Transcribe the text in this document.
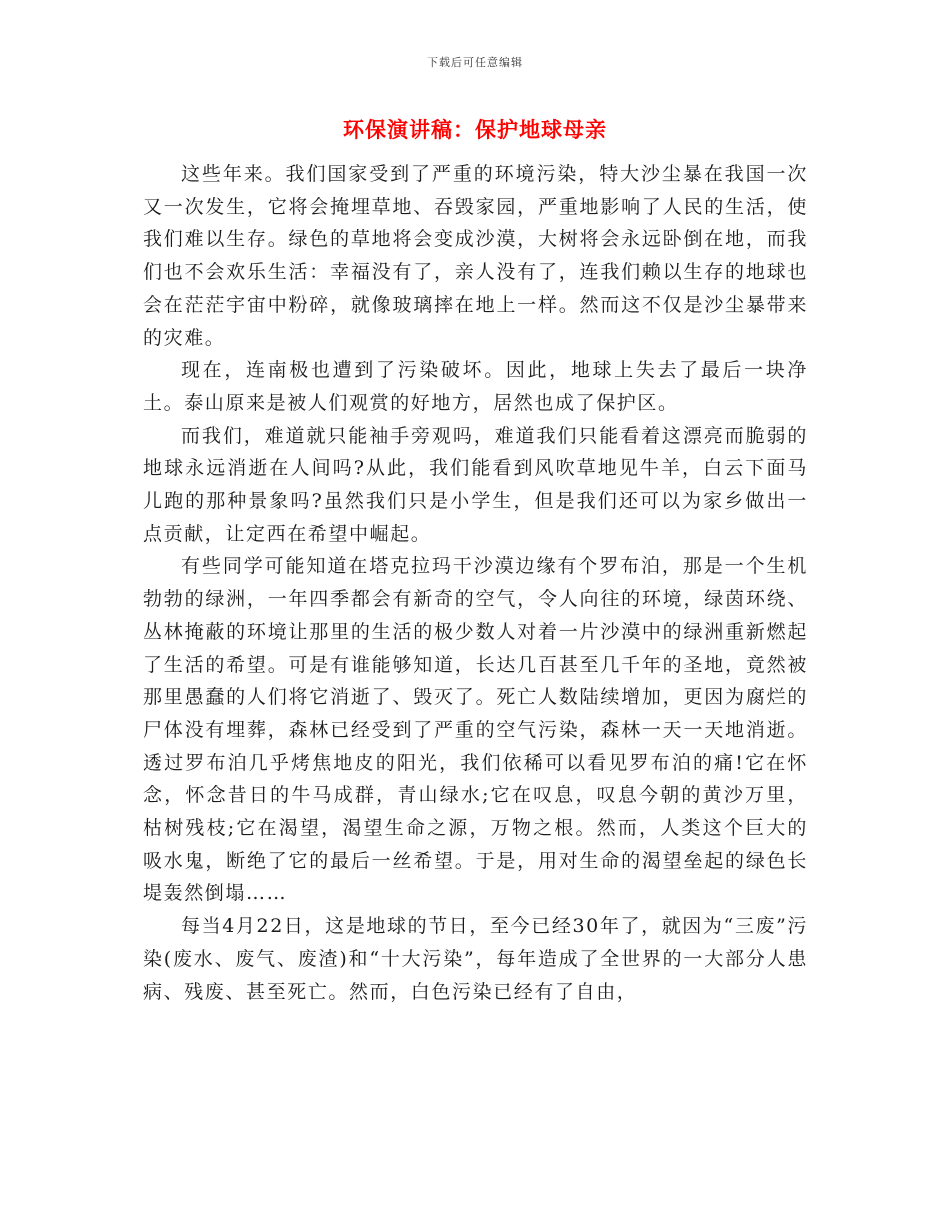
下载后可任意编辑
环保演讲稿：保护地球母亲

这些年来。我们国家受到了严重的环境污染，特大沙尘暴在我国一次又一次发生，它将会掩埋草地、吞毁家园，严重地影响了人民的生活，使我们难以生存。绿色的草地将会变成沙漠，大树将会永远卧倒在地，而我们也不会欢乐生活：幸福没有了，亲人没有了，连我们赖以生存的地球也会在茫茫宇宙中粉碎，就像玻璃摔在地上一样。然而这不仅是沙尘暴带来的灾难。

现在，连南极也遭到了污染破坏。因此，地球上失去了最后一块净土。泰山原来是被人们观赏的好地方，居然也成了保护区。

而我们，难道就只能袖手旁观吗，难道我们只能看着这漂亮而脆弱的地球永远消逝在人间吗?从此，我们能看到风吹草地见牛羊，白云下面马儿跑的那种景象吗?虽然我们只是小学生，但是我们还可以为家乡做出一点贡献，让定西在希望中崛起。

有些同学可能知道在塔克拉玛干沙漠边缘有个罗布泊，那是一个生机勃勃的绿洲，一年四季都会有新奇的空气，令人向往的环境，绿茵环绕、丛林掩蔽的环境让那里的生活的极少数人对着一片沙漠中的绿洲重新燃起了生活的希望。可是有谁能够知道，长达几百甚至几千年的圣地，竟然被那里愚蠢的人们将它消逝了、毁灭了。死亡人数陆续增加，更因为腐烂的尸体没有埋葬，森林已经受到了严重的空气污染，森林一天一天地消逝。透过罗布泊几乎烤焦地皮的阳光，我们依稀可以看见罗布泊的痛!它在怀念，怀念昔日的牛马成群，青山绿水;它在叹息，叹息今朝的黄沙万里，枯树残枝;它在渴望，渴望生命之源，万物之根。然而，人类这个巨大的吸水鬼，断绝了它的最后一丝希望。于是，用对生命的渴望垒起的绿色长堤轰然倒塌……

每当4月22日，这是地球的节日，至今已经30年了，就因为“三废”污染(废水、废气、废渣)和“十大污染”，每年造成了全世界的一大部分人患病、残废、甚至死亡。然而，白色污染已经有了自由，
